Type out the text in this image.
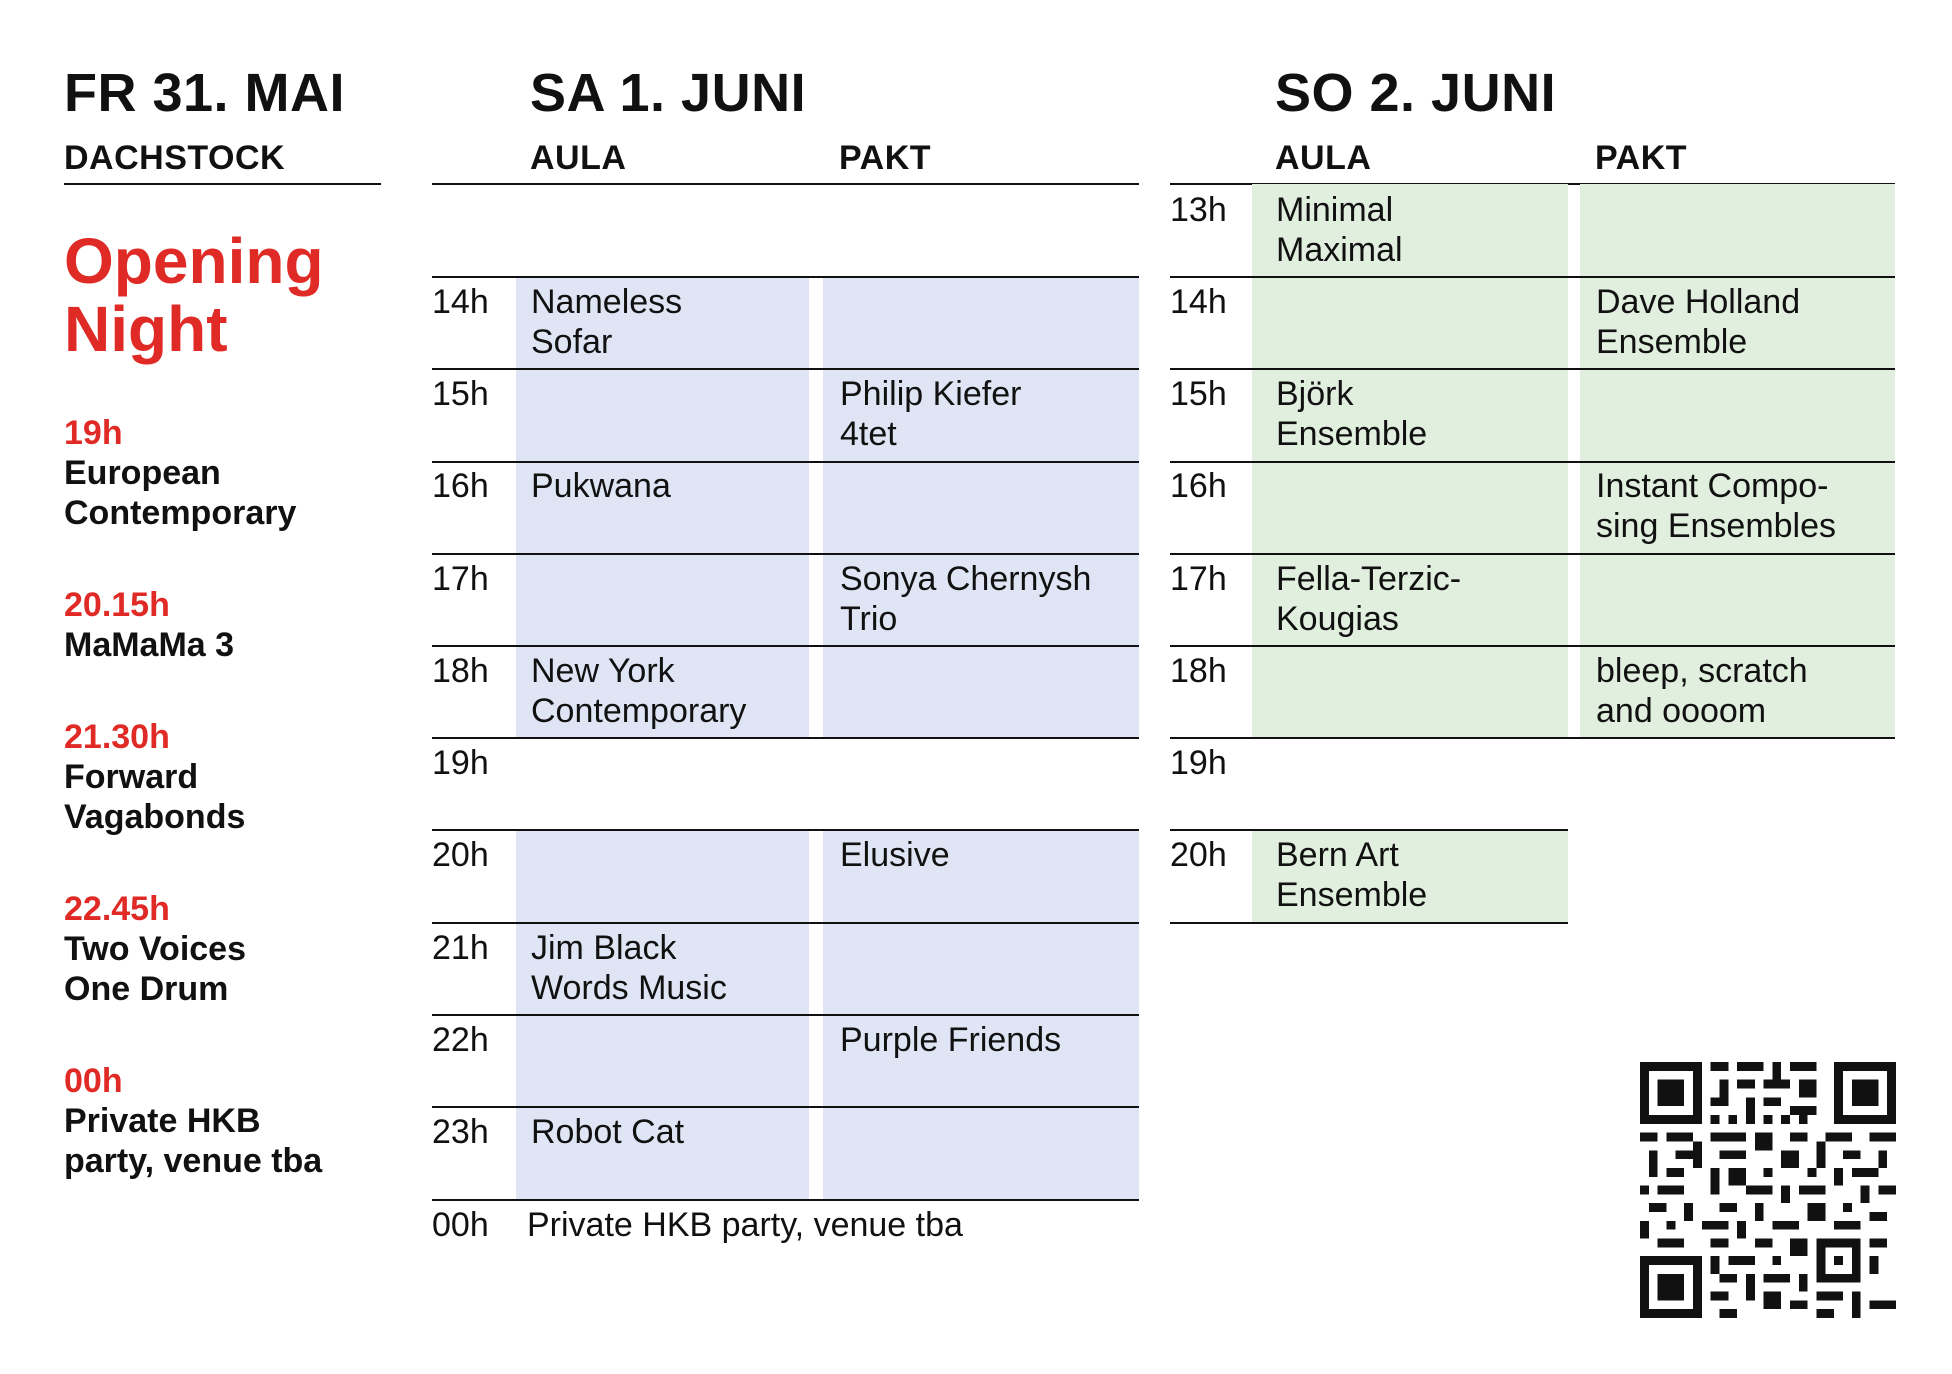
FR 31. MAI
DACHSTOCK
Opening
Night
19h
European
Contemporary
20.15h
MaMaMa 3
21.30h
Forward
Vagabonds
22.45h
Two Voices
One Drum
00h
Private HKB
party, venue tba
SA 1. JUNI
AULA	PAKT
14h
15h
16h
17h
18h
19h
20h
21h
22h
23h
Nameless
Sofar
Pukwana
New York
Contemporary
Jim Black
Words Music
Robot Cat
Philip Kiefer
4tet
Sonya Chernysh
Trio
Elusive
Purple Friends
00h Private HKB party, venue tba
SO 2. JUNI
AULA	PAKT
13h
14h
15h
16h
17h
18h
19h
20h
Minimal
Maximal
Björk
Ensemble
Fella-Terzic-
Kougias
Bern Art
Ensemble
Dave Holland
Ensemble
Instant Compo-
sing Ensembles
bleep, scratch
and oooom
